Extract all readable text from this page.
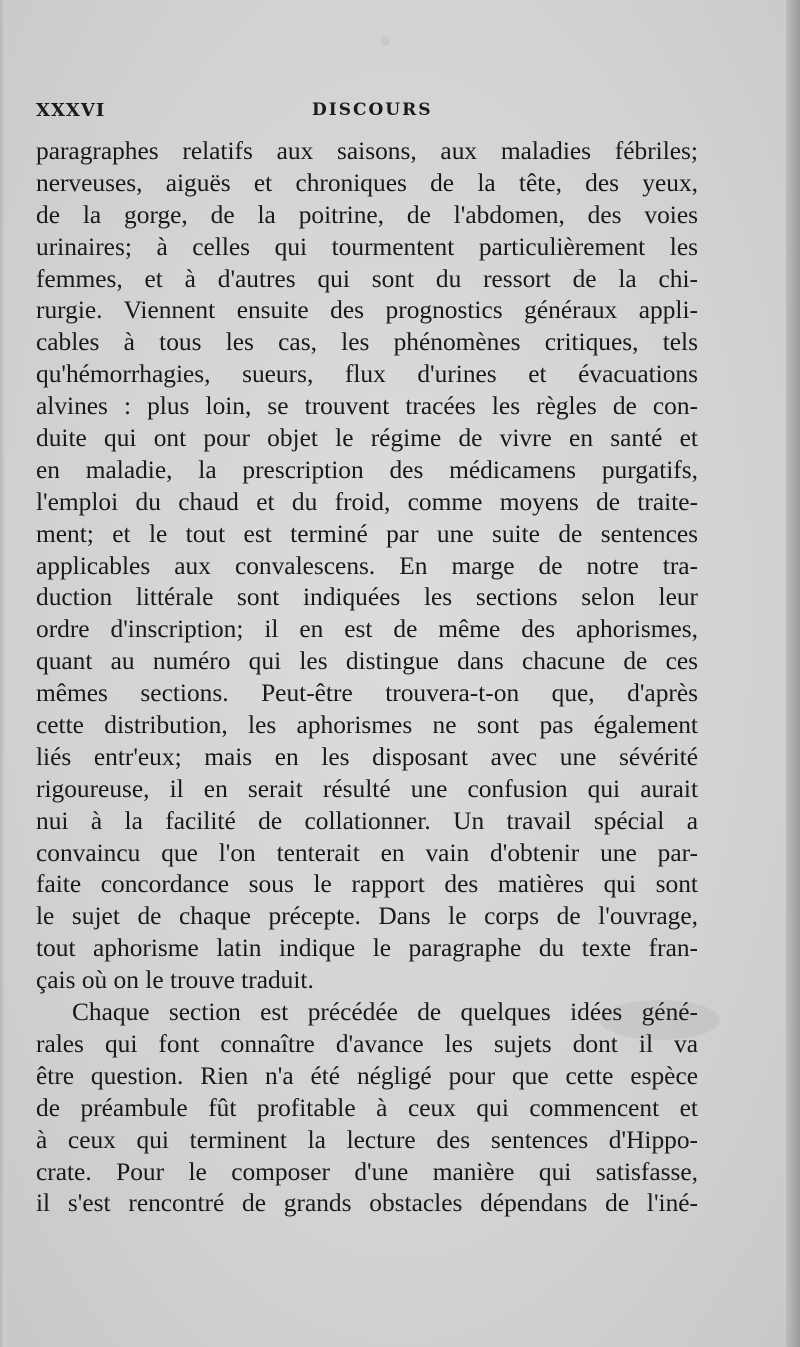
XXXVI	DISCOURS
paragraphes relatifs aux saisons, aux maladies fébriles;
nerveuses, aiguës et chroniques de la tête, des yeux,
de la gorge, de la poitrine, de l'abdomen, des voies
urinaires; à celles qui tourmentent particulièrement les
femmes, et à d'autres qui sont du ressort de la chi-
rurgie. Viennent ensuite des prognostics généraux appli-
cables à tous les cas, les phénomènes critiques, tels
qu'hémorrhagies, sueurs, flux d'urines et évacuations
alvines : plus loin, se trouvent tracées les règles de con-
duite qui ont pour objet le régime de vivre en santé et
en maladie, la prescription des médicamens purgatifs,
l'emploi du chaud et du froid, comme moyens de traite-
ment; et le tout est terminé par une suite de sentences
applicables aux convalescens. En marge de notre tra-
duction littérale sont indiquées les sections selon leur
ordre d'inscription; il en est de même des aphorismes,
quant au numéro qui les distingue dans chacune de ces
mêmes sections. Peut-être trouvera-t-on que, d'après
cette distribution, les aphorismes ne sont pas également
liés entr'eux; mais en les disposant avec une sévérité
rigoureuse, il en serait résulté une confusion qui aurait
nui à la facilité de collationner. Un travail spécial a
convaincu que l'on tenterait en vain d'obtenir une par-
faite concordance sous le rapport des matières qui sont
le sujet de chaque précepte. Dans le corps de l'ouvrage,
tout aphorisme latin indique le paragraphe du texte fran-
çais où on le trouve traduit.
Chaque section est précédée de quelques idées géné-
rales qui font connaître d'avance les sujets dont il va
être question. Rien n'a été négligé pour que cette espèce
de préambule fût profitable à ceux qui commencent et
à ceux qui terminent la lecture des sentences d'Hippo-
crate. Pour le composer d'une manière qui satisfasse,
il s'est rencontré de grands obstacles dépendans de l'iné-
